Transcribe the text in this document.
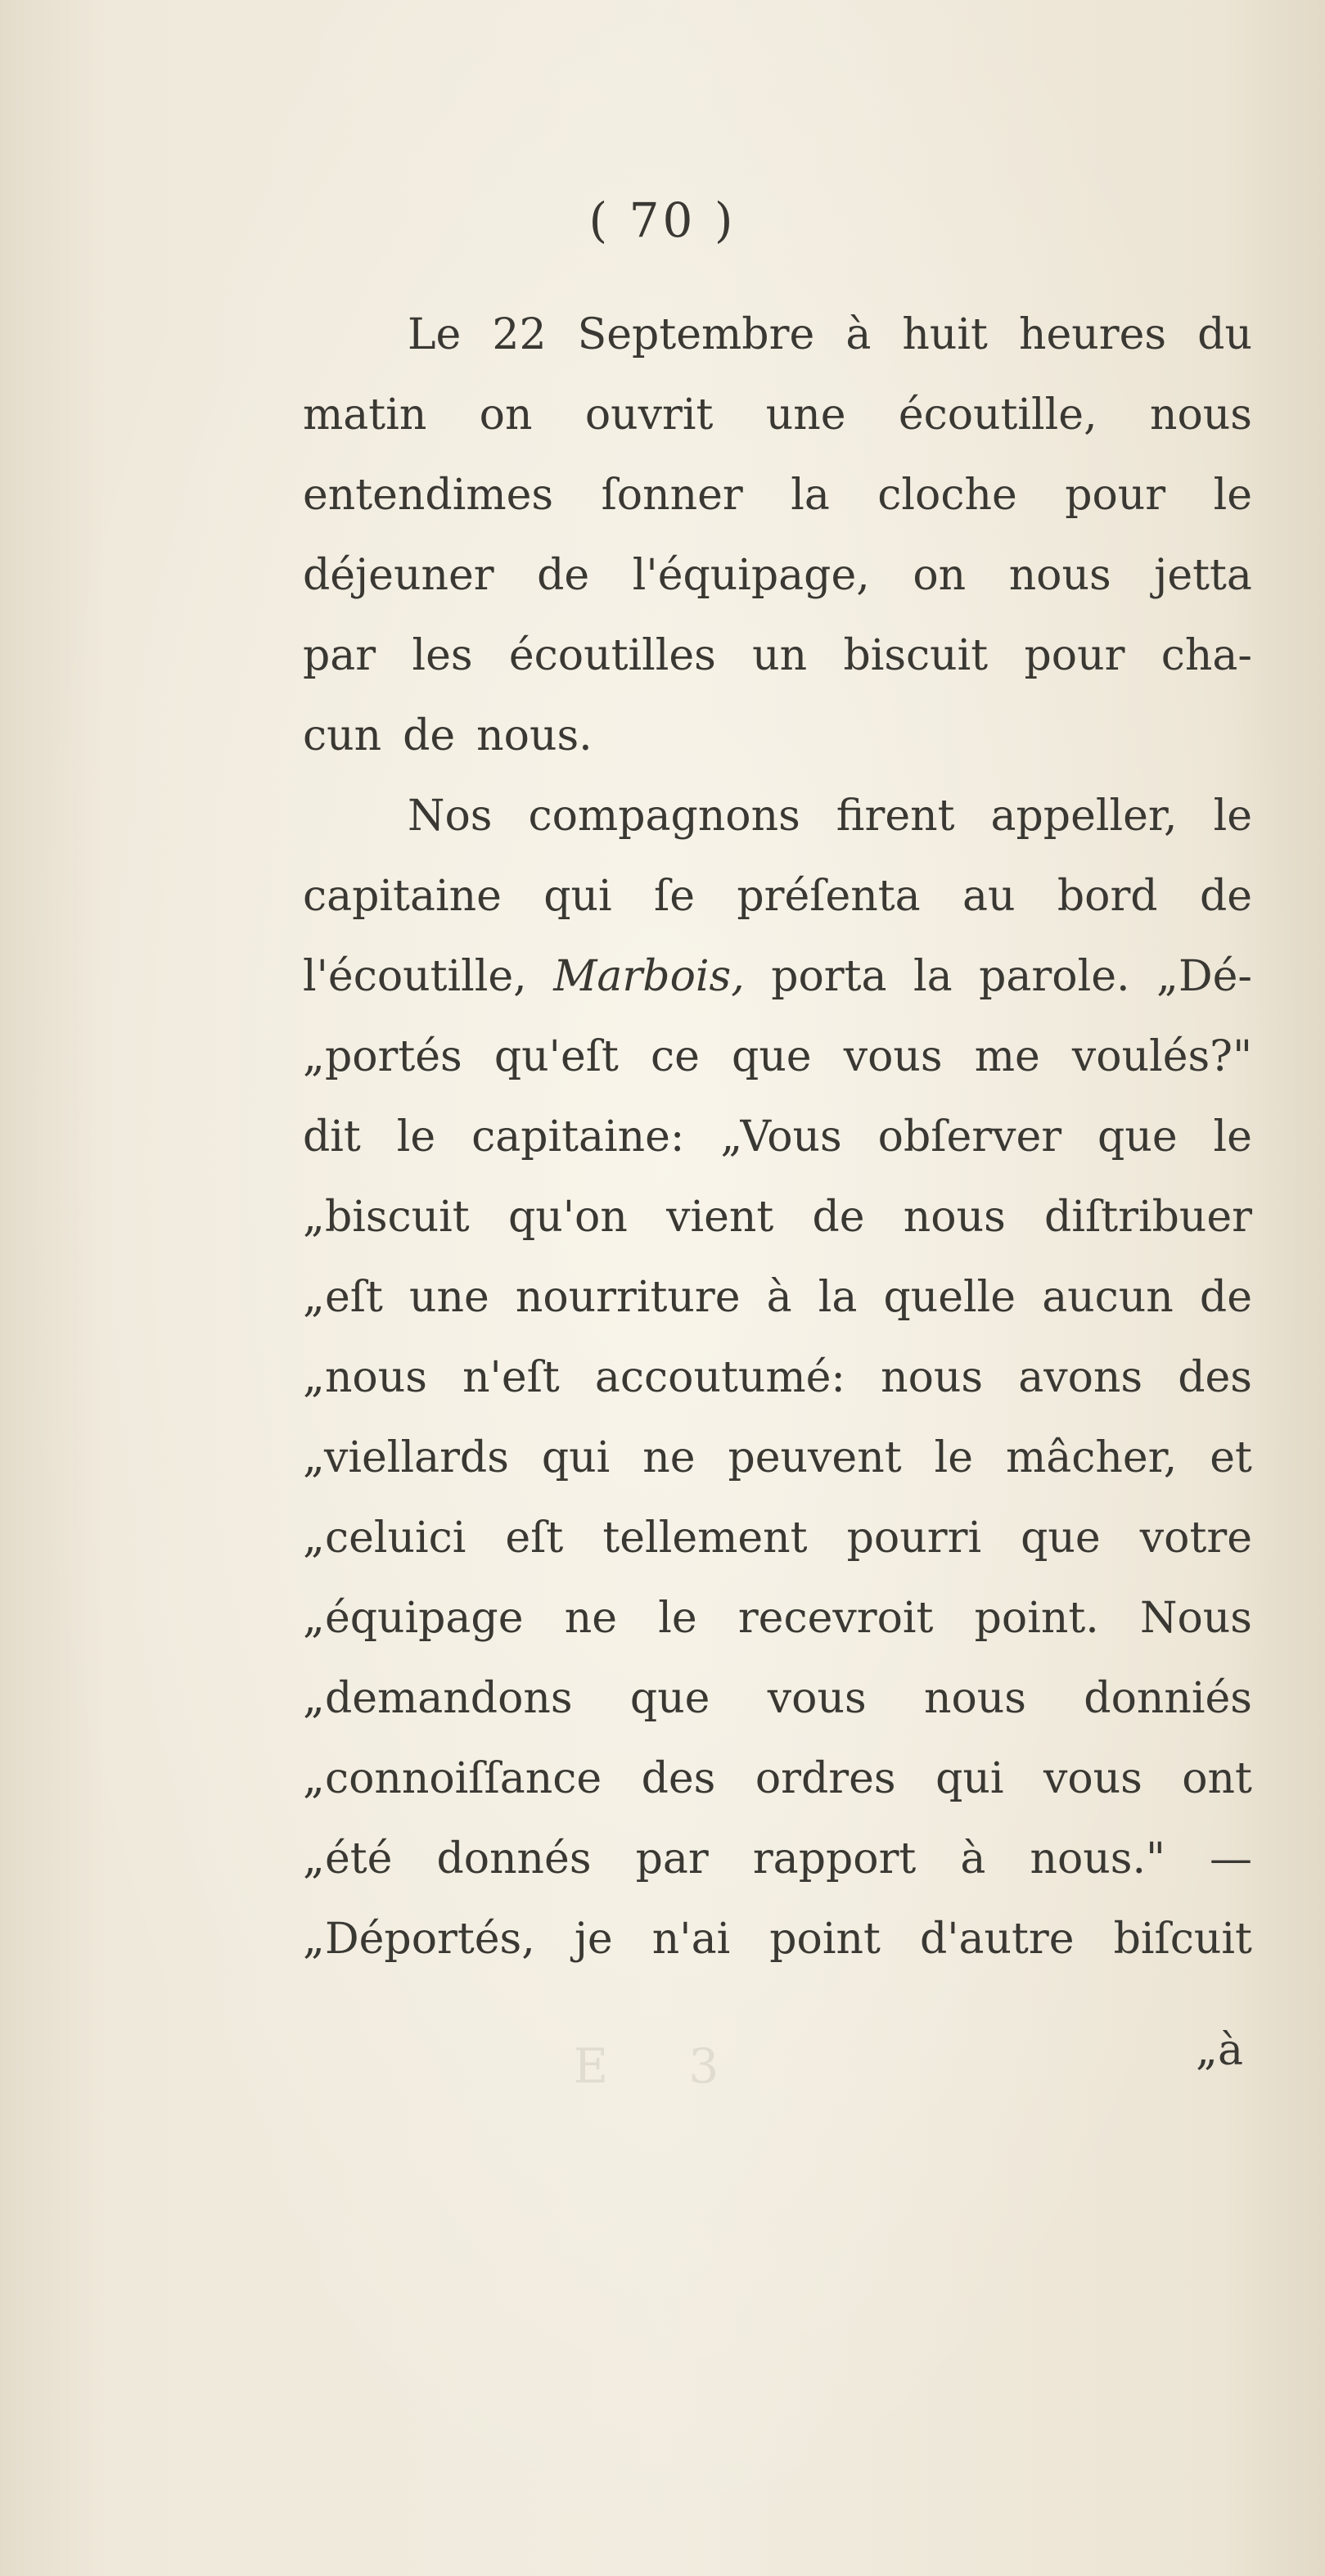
( 70 )
Le 22 Septembre à huit heures du
matin on ouvrit une écoutille, nous
entendimes ſonner la cloche pour le
déjeuner de l'équipage, on nous jetta
par les écoutilles un biscuit pour cha-
cun de nous.
Nos compagnons firent appeller, le
capitaine qui ſe préſenta au bord de
l'écoutille, Marbois, porta la parole. „Dé-
„portés qu'eſt ce que vous me voulés?"
dit le capitaine: „Vous obſerver que le
„biscuit qu'on vient de nous diſtribuer
„eſt une nourriture à la quelle aucun de
„nous n'eſt accoutumé: nous avons des
„viellards qui ne peuvent le mâcher, et
„celuici eſt tellement pourri que votre
„équipage ne le recevroit point. Nous
„demandons que vous nous donniés
„connoiſſance des ordres qui vous ont
„été donnés par rapport à nous." —
„Déportés, je n'ai point d'autre biſcuit
E 3	„à
